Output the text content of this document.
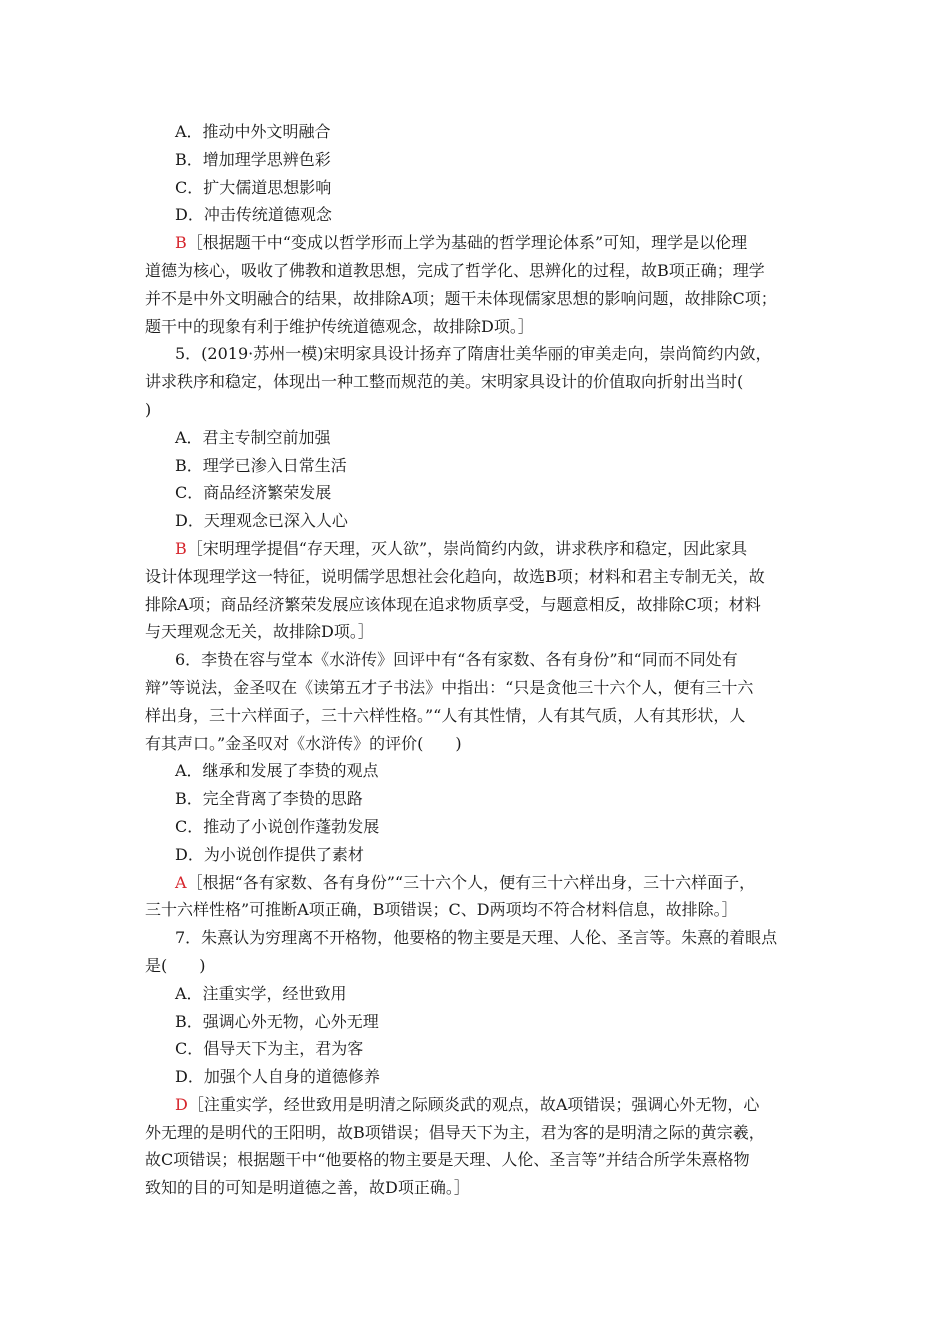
A．推动中外文明融合
B．增加理学思辨色彩
C．扩大儒道思想影响
D．冲击传统道德观念
B［根据题干中“变成以哲学形而上学为基础的哲学理论体系”可知，理学是以伦理
道德为核心，吸收了佛教和道教思想，完成了哲学化、思辨化的过程，故B项正确；理学
并不是中外文明融合的结果，故排除A项；题干未体现儒家思想的影响问题，故排除C项；
题干中的现象有利于维护传统道德观念，故排除D项。］
5．(2019·苏州一模)宋明家具设计扬弃了隋唐壮美华丽的审美走向，崇尚简约内敛，
讲求秩序和稳定，体现出一种工整而规范的美。宋明家具设计的价值取向折射出当时(
)
A．君主专制空前加强
B．理学已渗入日常生活
C．商品经济繁荣发展
D．天理观念已深入人心
B［宋明理学提倡“存天理，灭人欲”，崇尚简约内敛，讲求秩序和稳定，因此家具
设计体现理学这一特征，说明儒学思想社会化趋向，故选B项；材料和君主专制无关，故
排除A项；商品经济繁荣发展应该体现在追求物质享受，与题意相反，故排除C项；材料
与天理观念无关，故排除D项。］
6．李贽在容与堂本《水浒传》回评中有“各有家数、各有身份”和“同而不同处有
辩”等说法，金圣叹在《读第五才子书法》中指出：“只是贪他三十六个人，便有三十六
样出身，三十六样面子，三十六样性格。”“人有其性情，人有其气质，人有其形状，人
有其声口。”金圣叹对《水浒传》的评价(　　)
A．继承和发展了李贽的观点
B．完全背离了李贽的思路
C．推动了小说创作蓬勃发展
D．为小说创作提供了素材
A［根据“各有家数、各有身份”“三十六个人，便有三十六样出身，三十六样面子，
三十六样性格”可推断A项正确，B项错误；C、D两项均不符合材料信息，故排除。］
7．朱熹认为穷理离不开格物，他要格的物主要是天理、人伦、圣言等。朱熹的着眼点
是(　　)
A．注重实学，经世致用
B．强调心外无物，心外无理
C．倡导天下为主，君为客
D．加强个人自身的道德修养
D［注重实学，经世致用是明清之际顾炎武的观点，故A项错误；强调心外无物，心
外无理的是明代的王阳明，故B项错误；倡导天下为主，君为客的是明清之际的黄宗羲，
故C项错误；根据题干中“他要格的物主要是天理、人伦、圣言等”并结合所学朱熹格物
致知的目的可知是明道德之善，故D项正确。］
